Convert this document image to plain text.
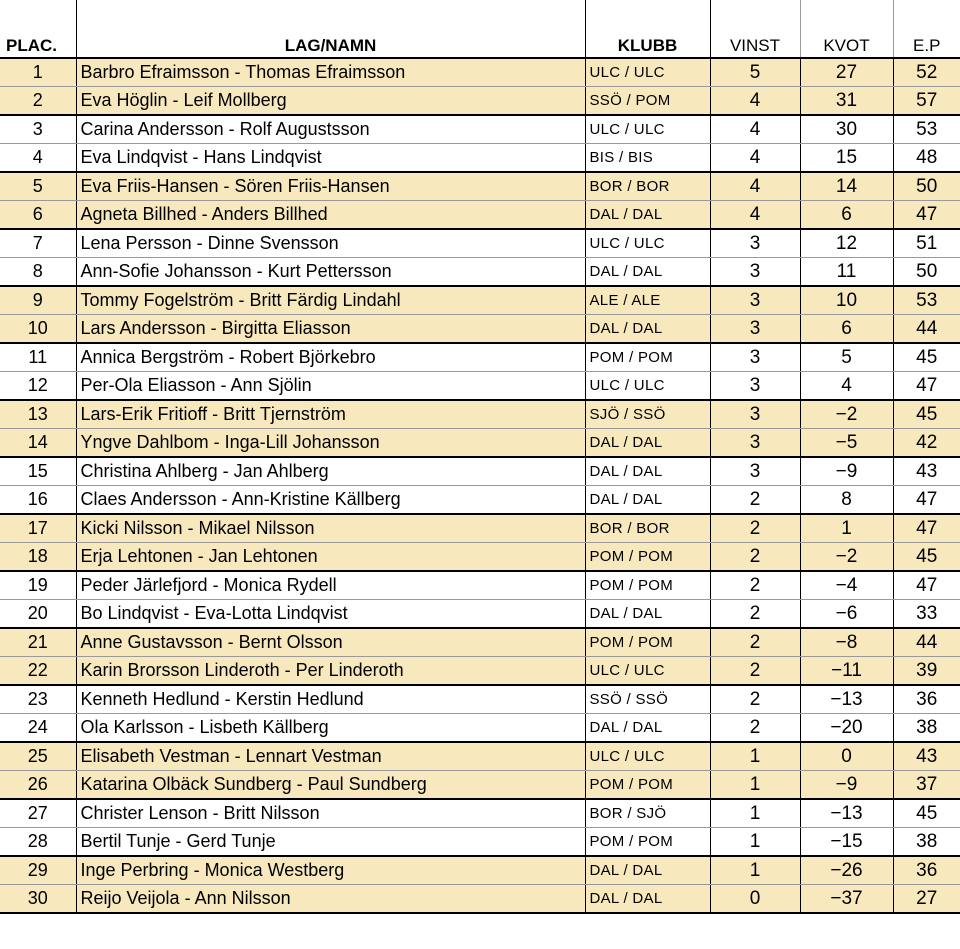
PLAC.	LAG/NAMN	KLUBB	VINST	KVOT	E.P
1	Barbro Efraimsson - Thomas Efraimsson	ULC / ULC	5	27	52
2	Eva Höglin - Leif Mollberg	SSÖ / POM	4	31	57
3	Carina Andersson - Rolf Augustsson	ULC / ULC	4	30	53
4	Eva Lindqvist - Hans Lindqvist	BIS / BIS	4	15	48
5	Eva Friis-Hansen - Sören Friis-Hansen	BOR / BOR	4	14	50
6	Agneta Billhed - Anders Billhed	DAL / DAL	4	6	47
7	Lena Persson - Dinne Svensson	ULC / ULC	3	12	51
8	Ann-Sofie Johansson - Kurt Pettersson	DAL / DAL	3	11	50
9	Tommy Fogelström - Britt Färdig Lindahl	ALE / ALE	3	10	53
10	Lars Andersson - Birgitta Eliasson	DAL / DAL	3	6	44
11	Annica Bergström - Robert Björkebro	POM / POM	3	5	45
12	Per-Ola Eliasson - Ann Sjölin	ULC / ULC	3	4	47
13	Lars-Erik Fritioff - Britt Tjernström	SJÖ / SSÖ	3	−2	45
14	Yngve Dahlbom - Inga-Lill Johansson	DAL / DAL	3	−5	42
15	Christina Ahlberg - Jan Ahlberg	DAL / DAL	3	−9	43
16	Claes Andersson - Ann-Kristine Källberg	DAL / DAL	2	8	47
17	Kicki Nilsson - Mikael Nilsson	BOR / BOR	2	1	47
18	Erja Lehtonen - Jan Lehtonen	POM / POM	2	−2	45
19	Peder Järlefjord - Monica Rydell	POM / POM	2	−4	47
20	Bo Lindqvist - Eva-Lotta Lindqvist	DAL / DAL	2	−6	33
21	Anne Gustavsson - Bernt Olsson	POM / POM	2	−8	44
22	Karin Brorsson Linderoth - Per Linderoth	ULC / ULC	2	−11	39
23	Kenneth Hedlund - Kerstin Hedlund	SSÖ / SSÖ	2	−13	36
24	Ola Karlsson - Lisbeth Källberg	DAL / DAL	2	−20	38
25	Elisabeth Vestman - Lennart Vestman	ULC / ULC	1	0	43
26	Katarina Olbäck Sundberg - Paul Sundberg	POM / POM	1	−9	37
27	Christer Lenson - Britt Nilsson	BOR / SJÖ	1	−13	45
28	Bertil Tunje - Gerd Tunje	POM / POM	1	−15	38
29	Inge Perbring - Monica Westberg	DAL / DAL	1	−26	36
30	Reijo Veijola - Ann Nilsson	DAL / DAL	0	−37	27
